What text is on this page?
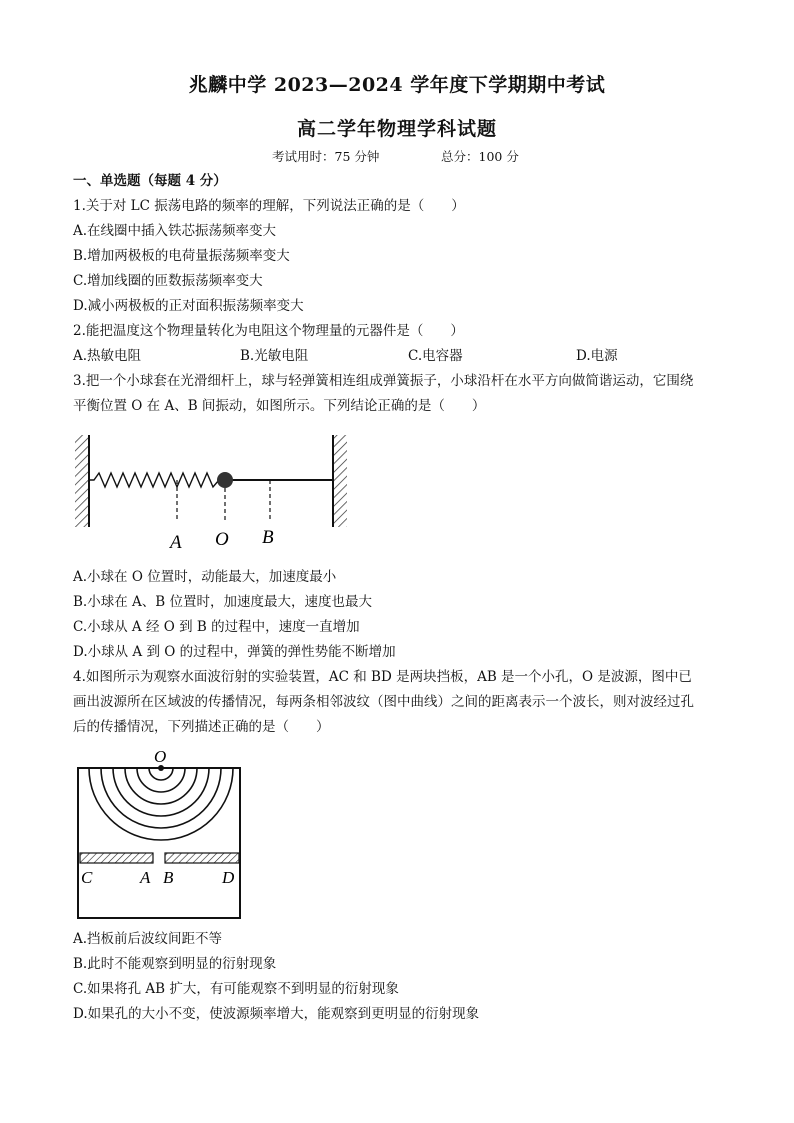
兆麟中学 2023—2024 学年度下学期期中考试
高二学年物理学科试题
考试用时：75 分钟	总分：100 分
一、单选题（每题 4 分）
1.关于对 LC 振荡电路的频率的理解，下列说法正确的是（　　）
A.在线圈中插入铁芯振荡频率变大
B.增加两极板的电荷量振荡频率变大
C.增加线圈的匝数振荡频率变大
D.减小两极板的正对面积振荡频率变大
2.能把温度这个物理量转化为电阻这个物理量的元器件是（　　）
A.热敏电阻	B.光敏电阻	C.电容器	D.电源
3.把一个小球套在光滑细杆上，球与轻弹簧相连组成弹簧振子，小球沿杆在水平方向做简谐运动，它围绕
平衡位置 O 在 A、B 间振动，如图所示。下列结论正确的是（　　）
A O B
A.小球在 O 位置时，动能最大，加速度最小
B.小球在 A、B 位置时，加速度最大，速度也最大
C.小球从 A 经 O 到 B 的过程中，速度一直增加
D.小球从 A 到 O 的过程中，弹簧的弹性势能不断增加
4.如图所示为观察水面波衍射的实验装置，AC 和 BD 是两块挡板，AB 是一个小孔，O 是波源，图中已
画出波源所在区域波的传播情况，每两条相邻波纹（图中曲线）之间的距离表示一个波长，则对波经过孔
后的传播情况，下列描述正确的是（　　）
O
C	A B	D
A.挡板前后波纹间距不等
B.此时不能观察到明显的衍射现象
C.如果将孔 AB 扩大，有可能观察不到明显的衍射现象
D.如果孔的大小不变，使波源频率增大，能观察到更明显的衍射现象
